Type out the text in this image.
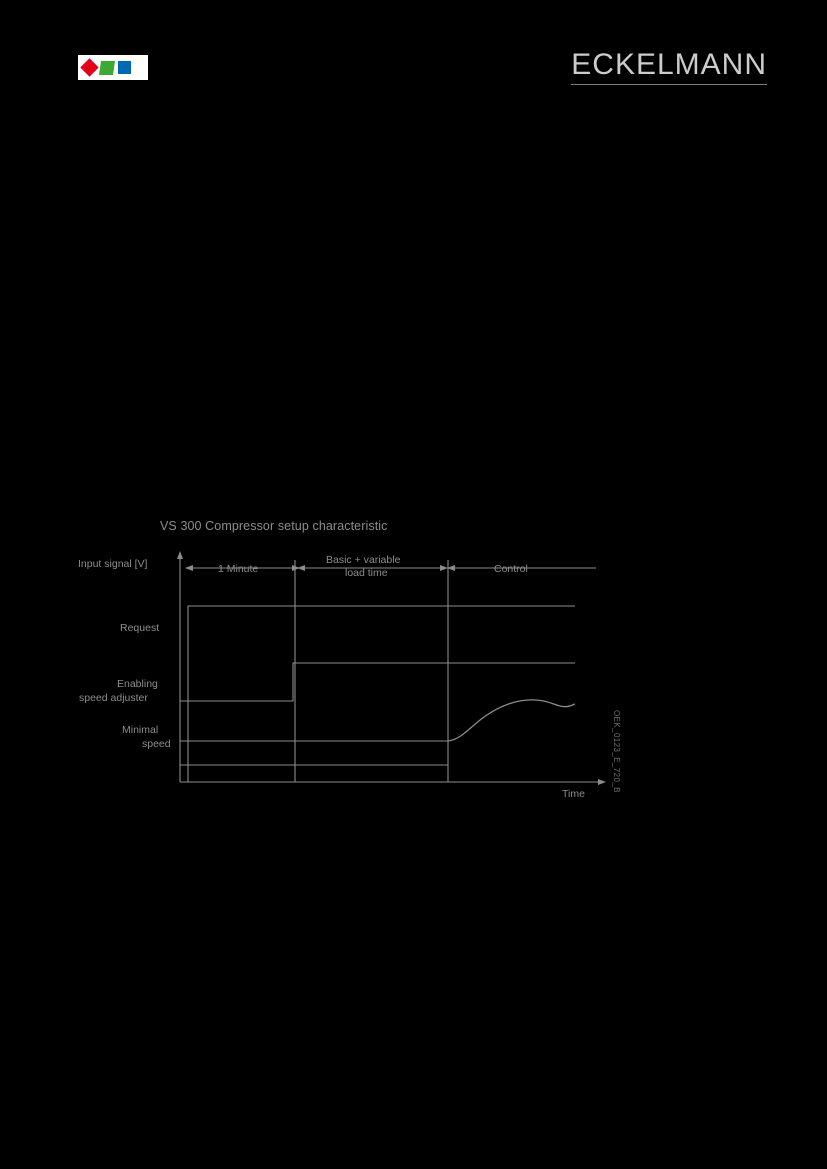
ECKELMANN
VS 300 Compressor setup characteristic
Input signal [V]	1 Minute
Basic + variable
load time	Control
Request
Enabling
speed adjuster
Minimal
speed
Time
OEK_0123_E_720_B
